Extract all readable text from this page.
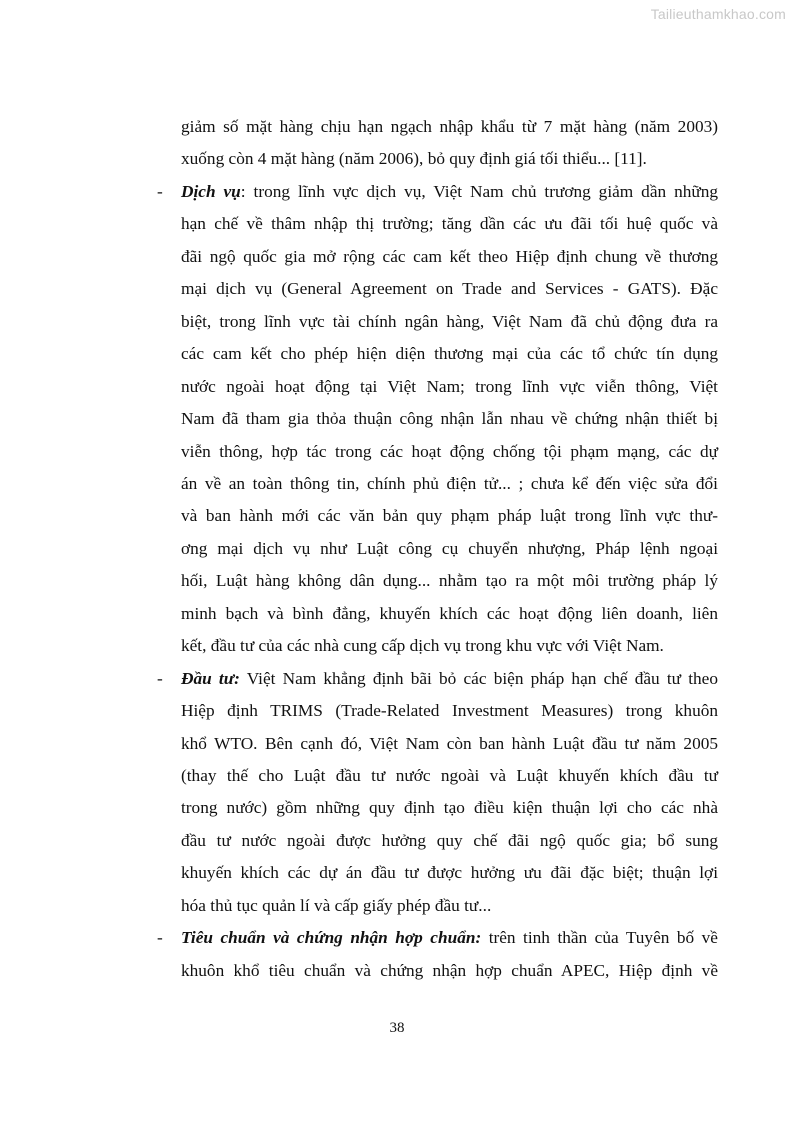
Tailieuthamkhao.com
giảm số mặt hàng chịu hạn ngạch nhập khẩu từ 7 mặt hàng (năm 2003)
xuống còn 4 mặt hàng (năm 2006), bỏ quy định giá tối thiểu... [11].
- Dịch vụ: trong lĩnh vực dịch vụ, Việt Nam chủ trương giảm dần những
hạn chế về thâm nhập thị trường; tăng dần các ưu đãi tối huệ quốc và
đãi ngộ quốc gia mở rộng các cam kết theo Hiệp định chung về thương
mại dịch vụ (General Agreement on Trade and Services - GATS). Đặc
biệt, trong lĩnh vực tài chính ngân hàng, Việt Nam đã chủ động đưa ra
các cam kết cho phép hiện diện thương mại của các tổ chức tín dụng
nước ngoài hoạt động tại Việt Nam; trong lĩnh vực viễn thông, Việt
Nam đã tham gia thỏa thuận công nhận lẫn nhau về chứng nhận thiết bị
viễn thông, hợp tác trong các hoạt động chống tội phạm mạng, các dự
án về an toàn thông tin, chính phủ điện tử... ; chưa kể đến việc sửa đổi
và ban hành mới các văn bản quy phạm pháp luật trong lĩnh vực thư-
ơng mại dịch vụ như Luật công cụ chuyển nhượng, Pháp lệnh ngoại
hối, Luật hàng không dân dụng... nhằm tạo ra một môi trường pháp lý
minh bạch và bình đẳng, khuyến khích các hoạt động liên doanh, liên
kết, đầu tư của các nhà cung cấp dịch vụ trong khu vực với Việt Nam.
- Đầu tư: Việt Nam khẳng định bãi bỏ các biện pháp hạn chế đầu tư theo
Hiệp định TRIMS (Trade-Related Investment Measures) trong khuôn
khổ WTO. Bên cạnh đó, Việt Nam còn ban hành Luật đầu tư năm 2005
(thay thế cho Luật đầu tư nước ngoài và Luật khuyến khích đầu tư
trong nước) gồm những quy định tạo điều kiện thuận lợi cho các nhà
đầu tư nước ngoài được hưởng quy chế đãi ngộ quốc gia; bổ sung
khuyến khích các dự án đầu tư được hưởng ưu đãi đặc biệt; thuận lợi
hóa thủ tục quản lí và cấp giấy phép đầu tư...
- Tiêu chuẩn và chứng nhận hợp chuẩn: trên tinh thần của Tuyên bố về
khuôn khổ tiêu chuẩn và chứng nhận hợp chuẩn APEC, Hiệp định về
38
